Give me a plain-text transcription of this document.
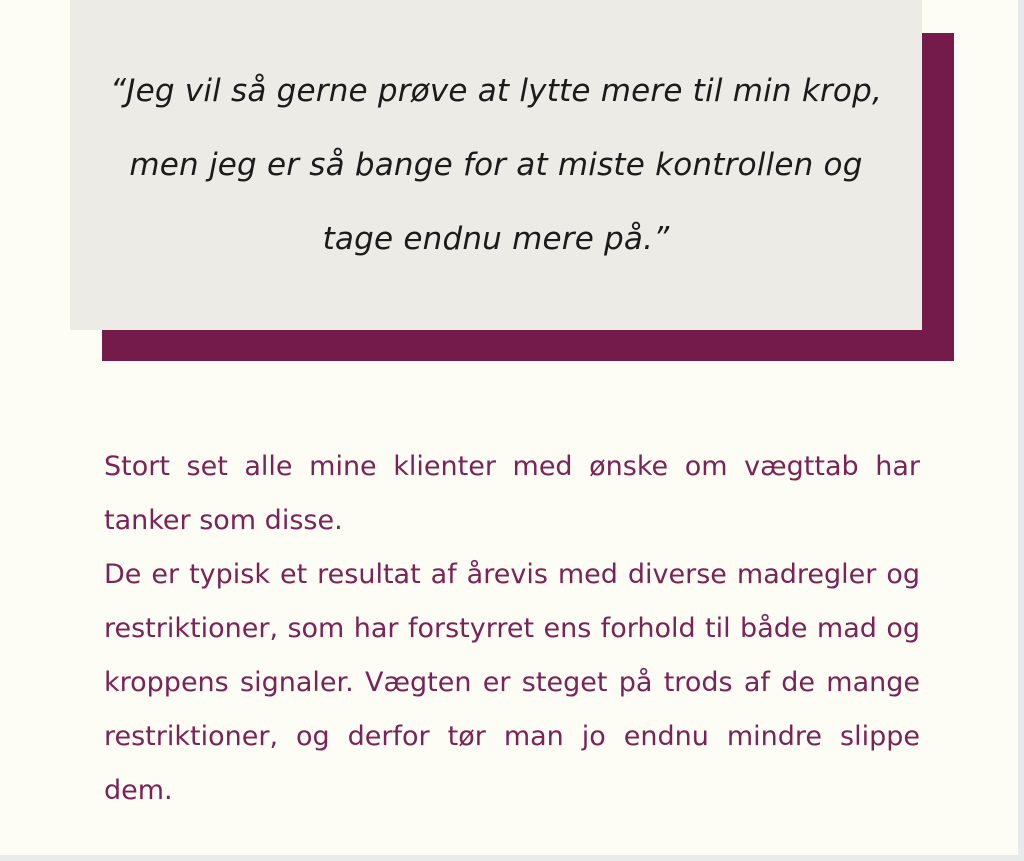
“Jeg vil så gerne prøve at lytte mere til min krop, men jeg er så bange for at miste kontrollen og tage endnu mere på.”

Stort set alle mine klienter med ønske om vægttab har tanker som disse.
De er typisk et resultat af årevis med diverse madregler og restriktioner, som har forstyrret ens forhold til både mad og kroppens signaler. Vægten er steget på trods af de mange restriktioner, og derfor tør man jo endnu mindre slippe dem.
